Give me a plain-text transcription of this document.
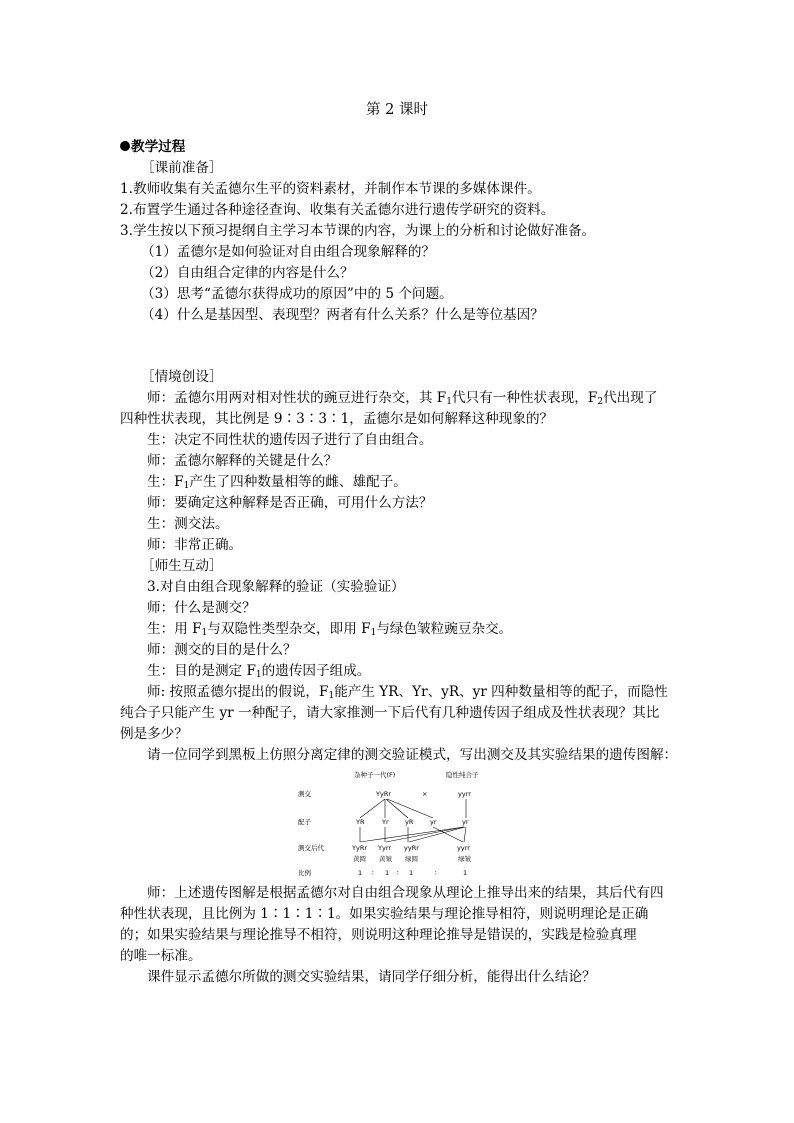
第 2 课时
教学过程
［课前准备］
1.教师收集有关孟德尔生平的资料素材，并制作本节课的多媒体课件。
2.布置学生通过各种途径查询、收集有关孟德尔进行遗传学研究的资料。
3.学生按以下预习提纲自主学习本节课的内容，为课上的分析和讨论做好准备。
（1）孟德尔是如何验证对自由组合现象解释的？
（2）自由组合定律的内容是什么？
（3）思考“孟德尔获得成功的原因”中的 5 个问题。
（4）什么是基因型、表现型？两者有什么关系？什么是等位基因？
［情境创设］
师：孟德尔用两对相对性状的豌豆进行杂交，其 $F_1$代只有一种性状表现，$F_2$代出现了
四种性状表现，其比例是 9∶3∶3∶1，孟德尔是如何解释这种现象的？
生：决定不同性状的遗传因子进行了自由组合。
师：孟德尔解释的关键是什么？
生：$F_1$产生了四种数量相等的雌、雄配子。
师：要确定这种解释是否正确，可用什么方法？
生：测交法。
师：非常正确。
［师生互动］
3.对自由组合现象解释的验证（实验验证）
师：什么是测交？
生：用 $F_1$与双隐性类型杂交，即用 $F_1$与绿色皱粒豌豆杂交。
师：测交的目的是什么？
生：目的是测定 $F_1$的遗传因子组成。
师: 按照孟德尔提出的假说，$F_1$能产生 YR、Yr、yR、yr 四种数量相等的配子，而隐性
纯合子只能产生 yr 一种配子，请大家推测一下后代有几种遗传因子组成及性状表现？其比
例是多少？
请一位同学到黑板上仿照分离定律的测交验证模式，写出测交及其实验结果的遗传图解：
杂种子一代(F)	隐性纯合子
测交	YyRr	×	yyrr
配子	YR	Yr	yR	yr	yr
测交后代	YyRr Yyrr yyRr	yyrr
黄圆 黄皱 绿圆	绿皱
比例	1 ∶ 1 ∶ 1	∶	1
师：上述遗传图解是根据孟德尔对自由组合现象从理论上推导出来的结果，其后代有四
种性状表现，且比例为 1∶1∶1∶1。如果实验结果与理论推导相符，则说明理论是正确
的；如果实验结果与理论推导不相符，则说明这种理论推导是错误的，实践是检验真理
的唯一标准。
课件显示孟德尔所做的测交实验结果，请同学仔细分析，能得出什么结论？
